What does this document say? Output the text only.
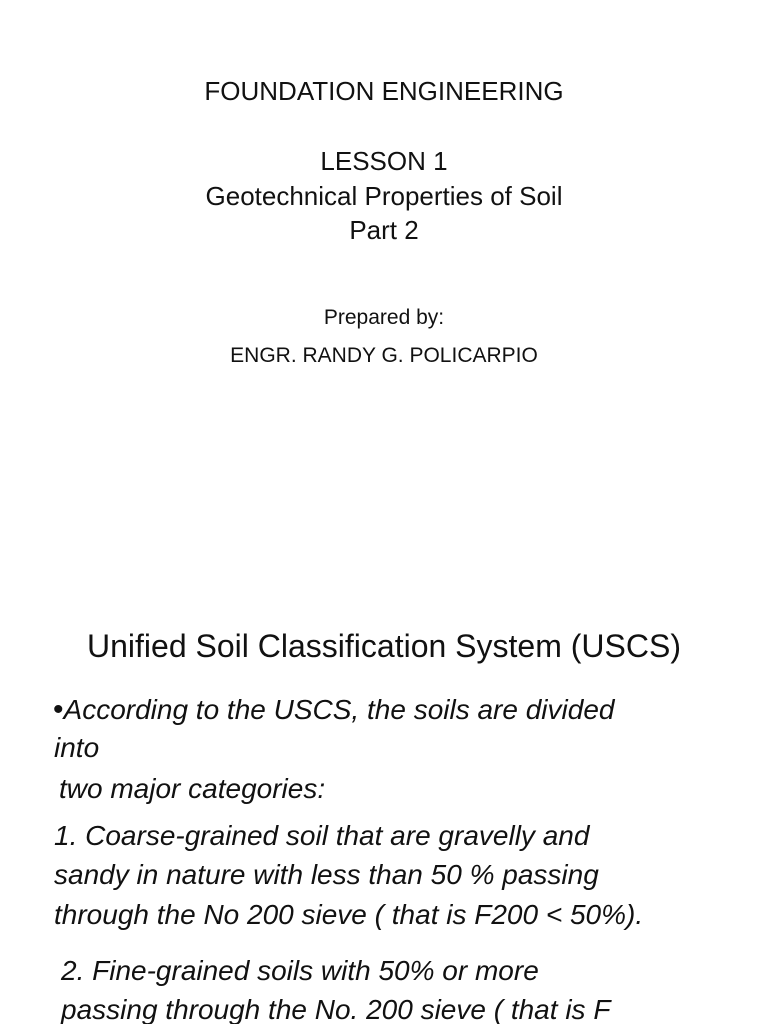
FOUNDATION ENGINEERING
LESSON 1
Geotechnical Properties of Soil
Part 2
Prepared by:
ENGR. RANDY G. POLICARPIO
Unified Soil Classification System (USCS)
•According to the USCS, the soils are divided
into
two major categories:
1. Coarse-grained soil that are gravelly and
sandy in nature with less than 50 % passing
through the No 200 sieve ( that is F200 < 50%).
2. Fine-grained soils with 50% or more
passing through the No. 200 sieve ( that is F
